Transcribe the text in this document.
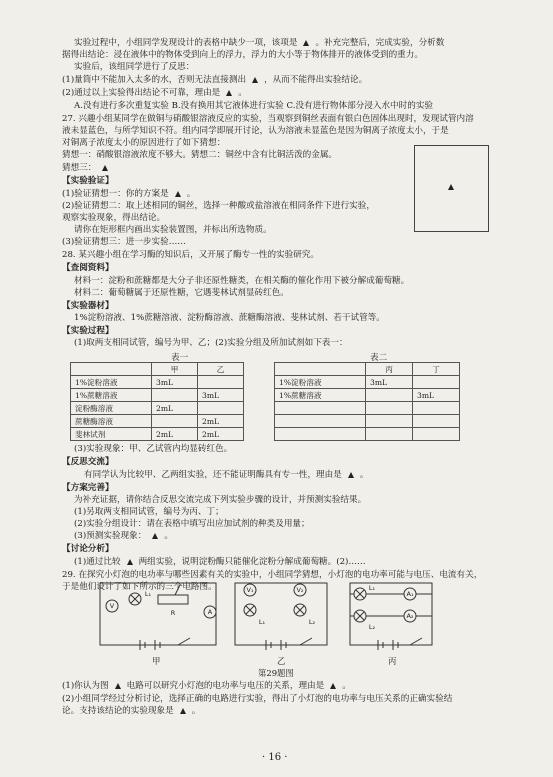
实验过程中，小组同学发现设计的表格中缺少一项，该项是 。补充完整后，完成实验，分析数
据得出结论：浸在液体中的物体受到向上的浮力，浮力的大小等于物体排开的液体受到的重力。
实验后，该组同学进行了反思：
(1)量筒中不能加入太多的水，否则无法直接测出 ，从而不能得出实验结论。
(2)通过以上实验得出结论不可靠，理由是 。
A.没有进行多次重复实验 B.没有换用其它液体进行实验 C.没有进行物体部分浸入水中时的实验
27. 兴趣小组某同学在做铜与硝酸银溶液反应的实验，当观察到铜丝表面有银白色固体出现时，发现试管内溶
液未显蓝色，与所学知识不符。组内同学即展开讨论，认为溶液未显蓝色是因为铜离子浓度太小，于是
对铜离子浓度太小的原因进行了如下猜想：
猜想一：硝酸银溶液浓度不够大。猜想二：铜丝中含有比铜活泼的金属。
猜想三：
【实验验证】
(1)验证猜想一：你的方案是 。
(2)验证猜想二：取上述相同的铜丝，选择一种酸或盐溶液在相同条件下进行实验，
观察实验现象，得出结论。
请你在矩形框内画出实验装置图，并标出所选物质。
(3)验证猜想三：进一步实验……
28. 某兴趣小组在学习酶的知识后，又开展了酶专一性的实验研究。
【查阅资料】
材料一：淀粉和蔗糖都是大分子非还原性糖类，在相关酶的催化作用下被分解成葡萄糖。
材料二：葡萄糖属于还原性糖，它遇斐林试剂显砖红色。
【实验器材】
1%淀粉溶液、1%蔗糖溶液、淀粉酶溶液、蔗糖酶溶液、斐林试剂、若干试管等。
【实验过程】
(1)取两支相同试管，编号为甲、乙；(2)实验分组及所加试剂如下表一：
表一
	甲	乙
1%淀粉溶液	3mL	
1%蔗糖溶液		3mL
淀粉酶溶液	2mL	
蔗糖酶溶液		2mL
斐林试剂	2mL	2mL
表二
	丙	丁
1%淀粉溶液	3mL	
1%蔗糖溶液		3mL

(3)实验现象：甲、乙试管内均显砖红色。
【反思交流】
有同学认为比较甲、乙两组实验，还不能证明酶具有专一性，理由是 。
【方案完善】
为补充证据，请你结合反思交流完成下列实验步骤的设计，并预测实验结果。
(1)另取两支相同试管，编号为丙、丁；
(2)实验分组设计：请在表格中填写出应加试剂的种类及用量；
(3)预测实验现象： 。
【讨论分析】
(1)通过比较 两组实验，说明淀粉酶只能催化淀粉分解成葡萄糖。(2)……
29. 在探究小灯泡的电功率与哪些因素有关的实验中，小组同学猜想，小灯泡的电功率可能与电压、电流有关，
于是他们设计了如下所示的三个电路图。
V
L₁
R	A
V₁	V₂
L₁	L₂
A₁
A₂
L₁
L₂
甲	乙	丙
第29题图
(1)你认为图 电路可以研究小灯泡的电功率与电压的关系，理由是 。
(2)小组同学经过分析讨论，选择正确的电路进行实验，得出了小灯泡的电功率与电压关系的正确实验结
论。支持该结论的实验现象是 。
· 16 ·
